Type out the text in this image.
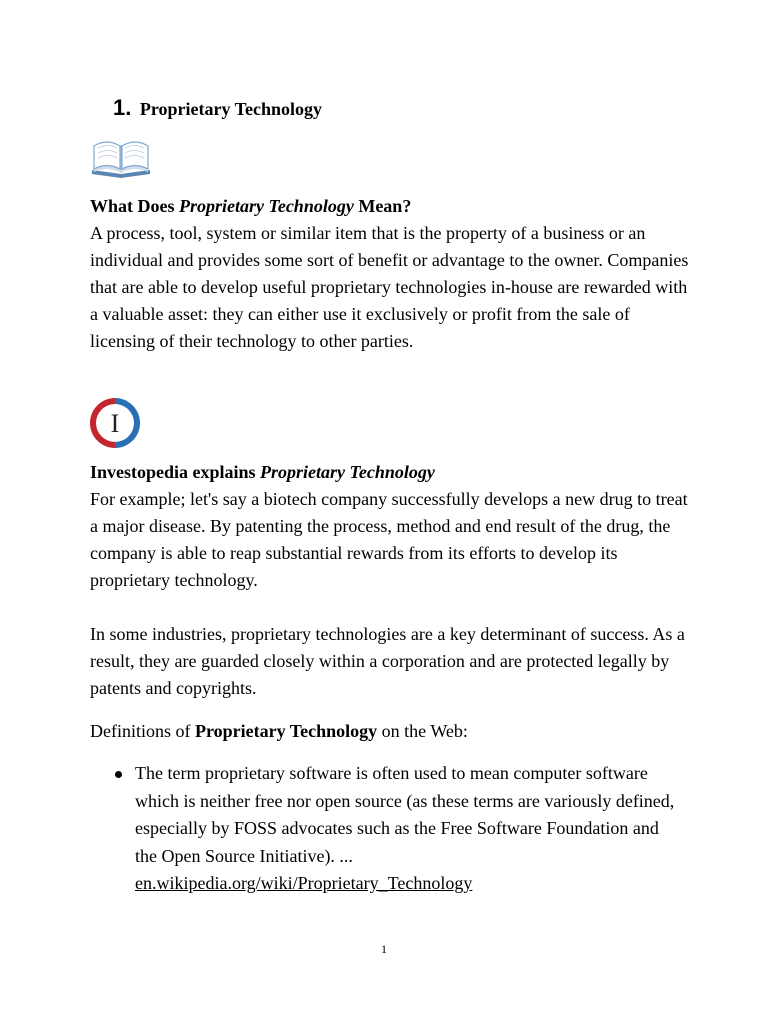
1. Proprietary Technology

What Does Proprietary Technology Mean?

A process, tool, system or similar item that is the property of a business or an individual and provides some sort of benefit or advantage to the owner. Companies that are able to develop useful proprietary technologies in-house are rewarded with a valuable asset: they can either use it exclusively or profit from the sale of licensing of their technology to other parties.

I

Investopedia explains Proprietary Technology

For example; let's say a biotech company successfully develops a new drug to treat a major disease. By patenting the process, method and end result of the drug, the company is able to reap substantial rewards from its efforts to develop its proprietary technology.

In some industries, proprietary technologies are a key determinant of success. As a result, they are guarded closely within a corporation and are protected legally by patents and copyrights.

Definitions of Proprietary Technology on the Web:
The term proprietary software is often used to mean computer software which is neither free nor open source (as these terms are variously defined, especially by FOSS advocates such as the Free Software Foundation and the Open Source Initiative). ...
en.wikipedia.org/wiki/Proprietary_Technology
1
